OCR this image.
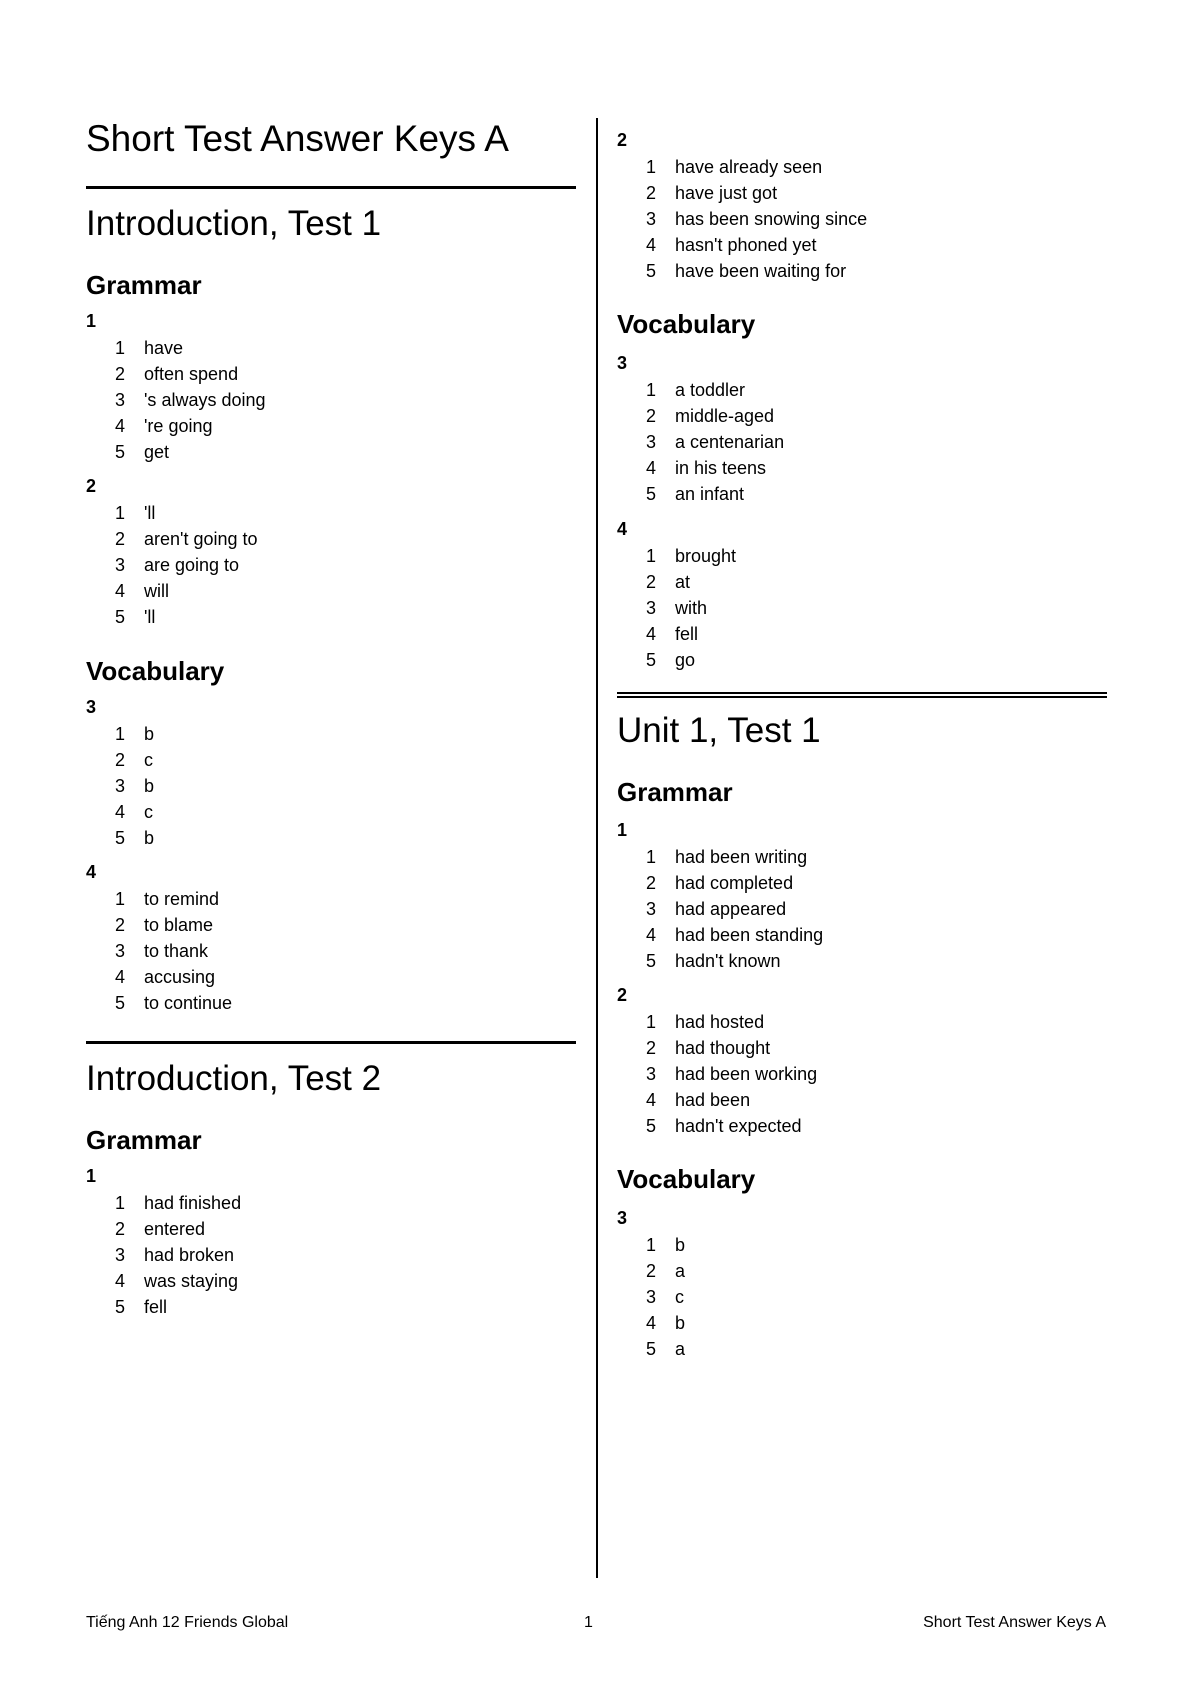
Short Test Answer Keys A
Introduction, Test 1
Grammar
1
1 have
2 often spend
3 's always doing
4 're going
5 get
2
1 'll
2 aren't going to
3 are going to
4 will
5 'll
Vocabulary
3
1 b
2 c
3 b
4 c
5 b
4
1 to remind
2 to blame
3 to thank
4 accusing
5 to continue
Introduction, Test 2
Grammar
1
1 had finished
2 entered
3 had broken
4 was staying
5 fell
2
1 have already seen
2 have just got
3 has been snowing since
4 hasn't phoned yet
5 have been waiting for
Vocabulary
3
1 a toddler
2 middle-aged
3 a centenarian
4 in his teens
5 an infant
4
1 brought
2 at
3 with
4 fell
5 go
Unit 1, Test 1
Grammar
1
1 had been writing
2 had completed
3 had appeared
4 had been standing
5 hadn't known
2
1 had hosted
2 had thought
3 had been working
4 had been
5 hadn't expected
Vocabulary
3
1 b
2 a
3 c
4 b
5 a
Tiếng Anh 12 Friends Global	1	Short Test Answer Keys A
